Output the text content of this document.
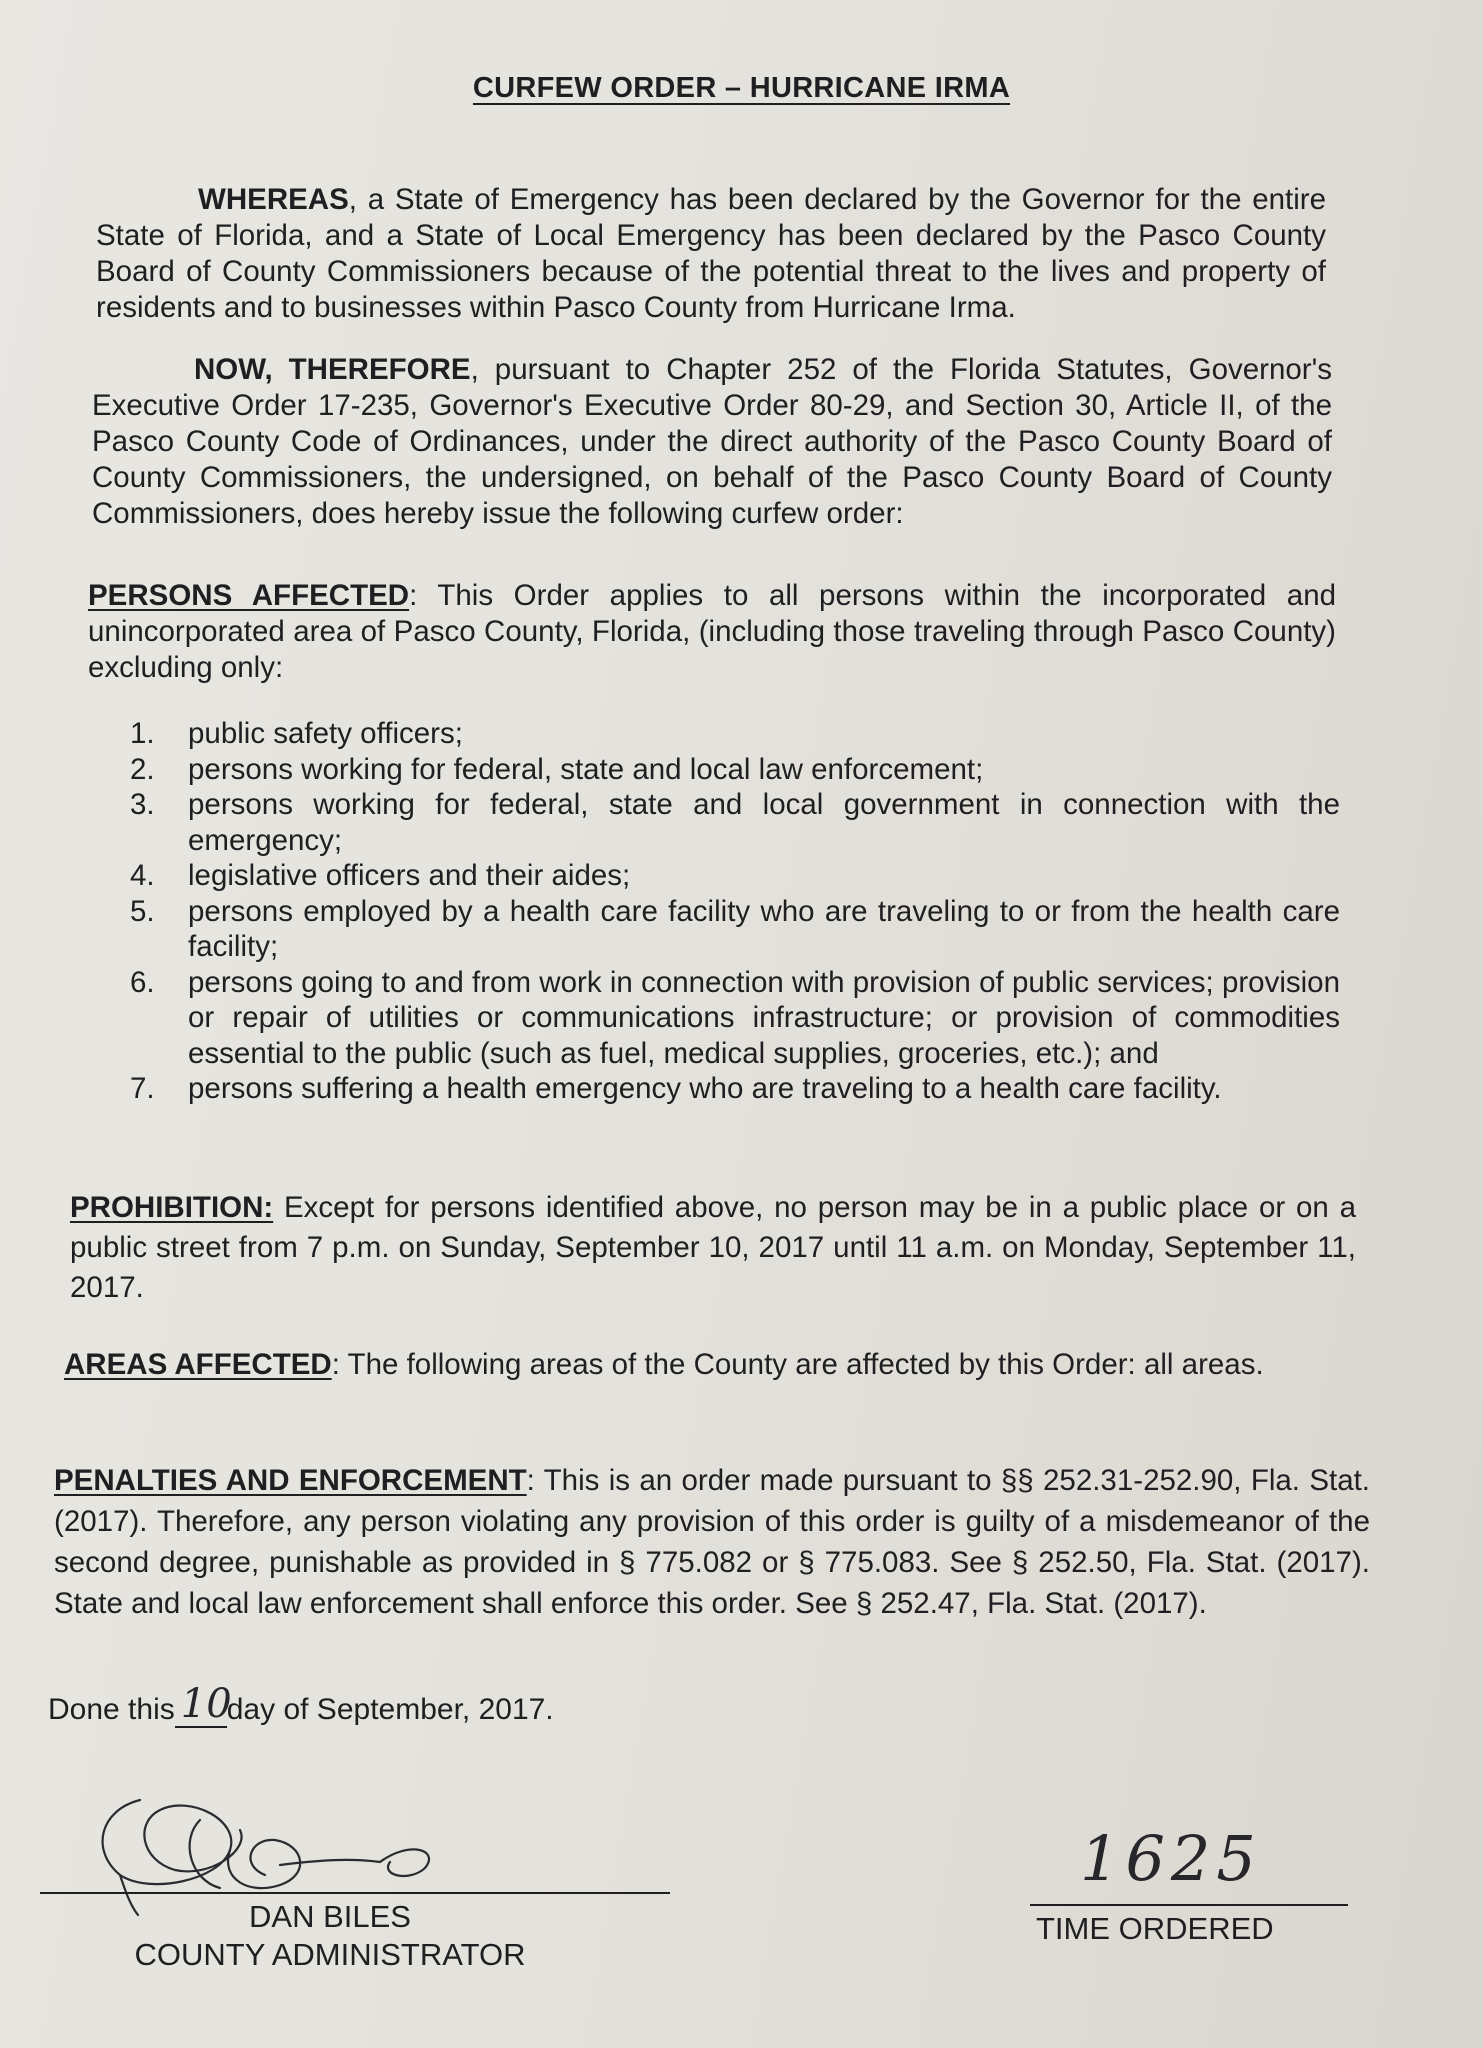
CURFEW ORDER – HURRICANE IRMA

WHEREAS, a State of Emergency has been declared by the Governor for the entire State of Florida, and a State of Local Emergency has been declared by the Pasco County Board of County Commissioners because of the potential threat to the lives and property of residents and to businesses within Pasco County from Hurricane Irma.

NOW, THEREFORE, pursuant to Chapter 252 of the Florida Statutes, Governor's Executive Order 17-235, Governor's Executive Order 80-29, and Section 30, Article II, of the Pasco County Code of Ordinances, under the direct authority of the Pasco County Board of County Commissioners, the undersigned, on behalf of the Pasco County Board of County Commissioners, does hereby issue the following curfew order:

PERSONS AFFECTED: This Order applies to all persons within the incorporated and unincorporated area of Pasco County, Florida, (including those traveling through Pasco County) excluding only:

1.	public safety officers;
2.	persons working for federal, state and local law enforcement;
3.	persons working for federal, state and local government in connection with the emergency;
4.	legislative officers and their aides;
5.	persons employed by a health care facility who are traveling to or from the health care facility;
6.	persons going to and from work in connection with provision of public services; provision or repair of utilities or communications infrastructure; or provision of commodities essential to the public (such as fuel, medical supplies, groceries, etc.); and
7.	persons suffering a health emergency who are traveling to a health care facility.

PROHIBITION: Except for persons identified above, no person may be in a public place or on a public street from 7 p.m. on Sunday, September 10, 2017 until 11 a.m. on Monday, September 11, 2017.

AREAS AFFECTED: The following areas of the County are affected by this Order: all areas.

PENALTIES AND ENFORCEMENT: This is an order made pursuant to §§ 252.31-252.90, Fla. Stat. (2017). Therefore, any person violating any provision of this order is guilty of a misdemeanor of the second degree, punishable as provided in § 775.082 or § 775.083. See § 252.50, Fla. Stat. (2017). State and local law enforcement shall enforce this order. See § 252.47, Fla. Stat. (2017).

Done this 10
day of September, 2017.
DAN BILES
COUNTY ADMINISTRATOR
1625
TIME ORDERED
